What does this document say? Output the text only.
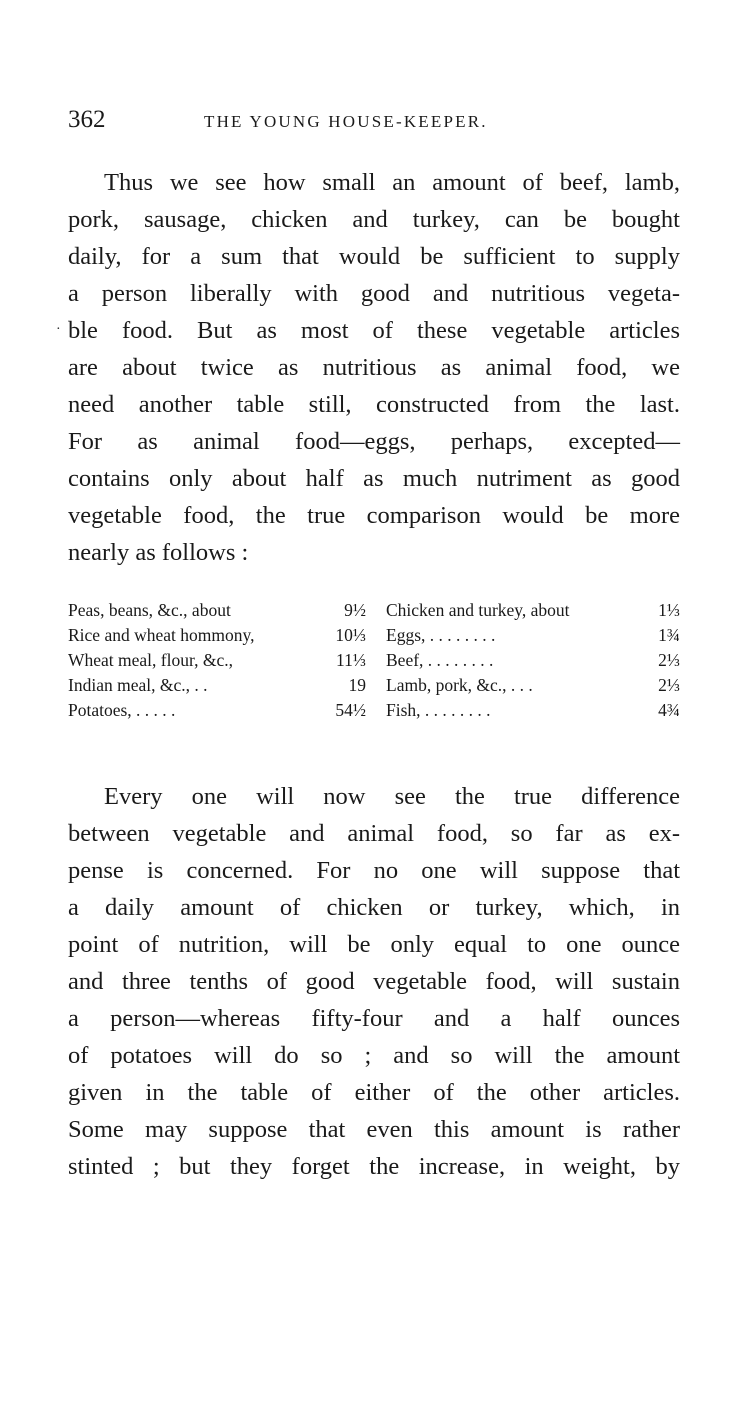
362	THE YOUNG HOUSE-KEEPER.
·
Thus we see how small an amount of beef, lamb,
pork, sausage, chicken and turkey, can be bought
daily, for a sum that would be sufficient to supply
a person liberally with good and nutritious vegeta-
ble food. But as most of these vegetable articles
are about twice as nutritious as animal food, we
need another table still, constructed from the last.
For as animal food—eggs, perhaps, excepted—
contains only about half as much nutriment as good
vegetable food, the true comparison would be more
nearly as follows :
Peas, beans, &c., about	9½ Chicken and turkey, about	1⅓
Rice and wheat hommony,	10⅓ Eggs, . . . . . . . .	1¾
Wheat meal, flour, &c.,	11⅓ Beef, . . . . . . . .	2⅓
Indian meal, &c., . .	19 Lamb, pork, &c., . . .	2⅓
Potatoes, . . . . .	54½ Fish, . . . . . . . .	4¾
Every one will now see the true difference
between vegetable and animal food, so far as ex-
pense is concerned. For no one will suppose that
a daily amount of chicken or turkey, which, in
point of nutrition, will be only equal to one ounce
and three tenths of good vegetable food, will sustain
a person—whereas fifty-four and a half ounces
of potatoes will do so ; and so will the amount
given in the table of either of the other articles.
Some may suppose that even this amount is rather
stinted ; but they forget the increase, in weight, by
